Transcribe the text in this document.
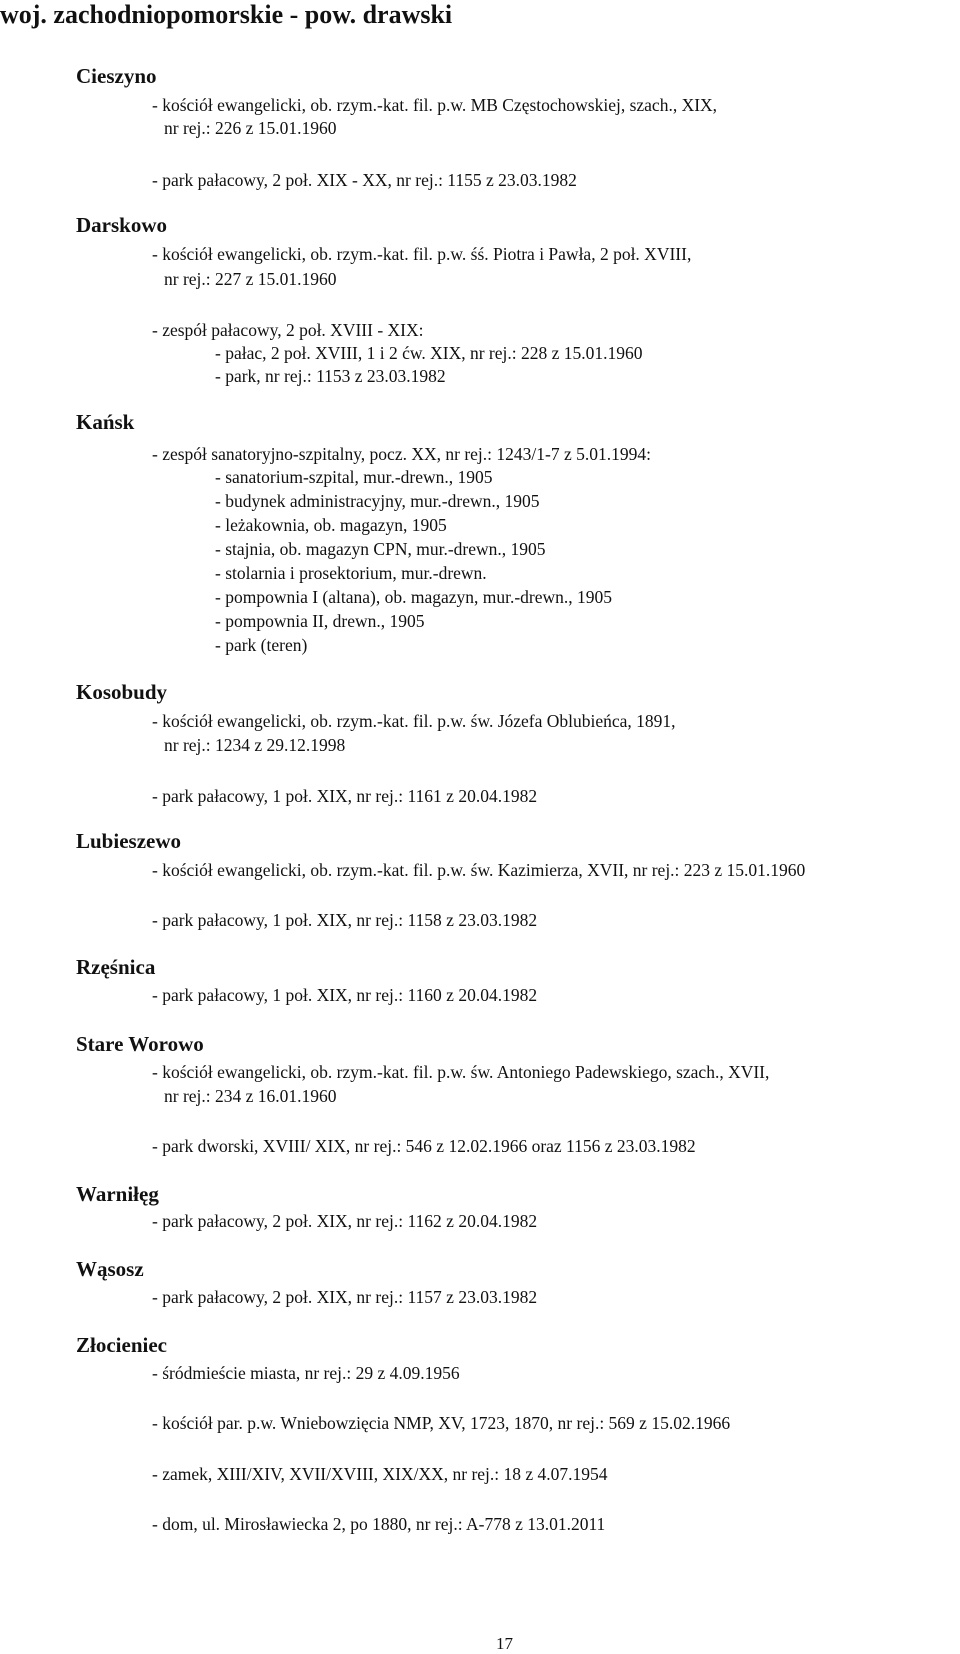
woj. zachodniopomorskie - pow. drawski
Cieszyno
- kościół ewangelicki, ob. rzym.-kat. fil. p.w. MB Częstochowskiej, szach., XIX,
nr rej.: 226 z 15.01.1960
- park pałacowy, 2 poł. XIX - XX, nr rej.: 1155 z 23.03.1982
Darskowo
- kościół ewangelicki, ob. rzym.-kat. fil. p.w. śś. Piotra i Pawła, 2 poł. XVIII,
nr rej.: 227 z 15.01.1960
- zespół pałacowy, 2 poł. XVIII - XIX:
- pałac, 2 poł. XVIII, 1 i 2 ćw. XIX, nr rej.: 228 z 15.01.1960
- park, nr rej.: 1153 z 23.03.1982
Kańsk
- zespół sanatoryjno-szpitalny, pocz. XX, nr rej.: 1243/1-7 z 5.01.1994:
- sanatorium-szpital, mur.-drewn., 1905
- budynek administracyjny, mur.-drewn., 1905
- leżakownia, ob. magazyn, 1905
- stajnia, ob. magazyn CPN, mur.-drewn., 1905
- stolarnia i prosektorium, mur.-drewn.
- pompownia I (altana), ob. magazyn, mur.-drewn., 1905
- pompownia II, drewn., 1905
- park (teren)
Kosobudy
- kościół ewangelicki, ob. rzym.-kat. fil. p.w. św. Józefa Oblubieńca, 1891,
nr rej.: 1234 z 29.12.1998
- park pałacowy, 1 poł. XIX, nr rej.: 1161 z 20.04.1982
Lubieszewo
- kościół ewangelicki, ob. rzym.-kat. fil. p.w. św. Kazimierza, XVII, nr rej.: 223 z 15.01.1960
- park pałacowy, 1 poł. XIX, nr rej.: 1158 z 23.03.1982
Rzęśnica
- park pałacowy, 1 poł. XIX, nr rej.: 1160 z 20.04.1982
Stare Worowo
- kościół ewangelicki, ob. rzym.-kat. fil. p.w. św. Antoniego Padewskiego, szach., XVII,
nr rej.: 234 z 16.01.1960
- park dworski, XVIII/ XIX, nr rej.: 546 z 12.02.1966 oraz 1156 z 23.03.1982
Warniłęg
- park pałacowy, 2 poł. XIX, nr rej.: 1162 z 20.04.1982
Wąsosz
- park pałacowy, 2 poł. XIX, nr rej.: 1157 z 23.03.1982
Złocieniec
- śródmieście miasta, nr rej.: 29 z 4.09.1956
- kościół par. p.w. Wniebowzięcia NMP, XV, 1723, 1870, nr rej.: 569 z 15.02.1966
- zamek, XIII/XIV, XVII/XVIII, XIX/XX, nr rej.: 18 z 4.07.1954
- dom, ul. Mirosławiecka 2, po 1880, nr rej.: A-778 z 13.01.2011
17
